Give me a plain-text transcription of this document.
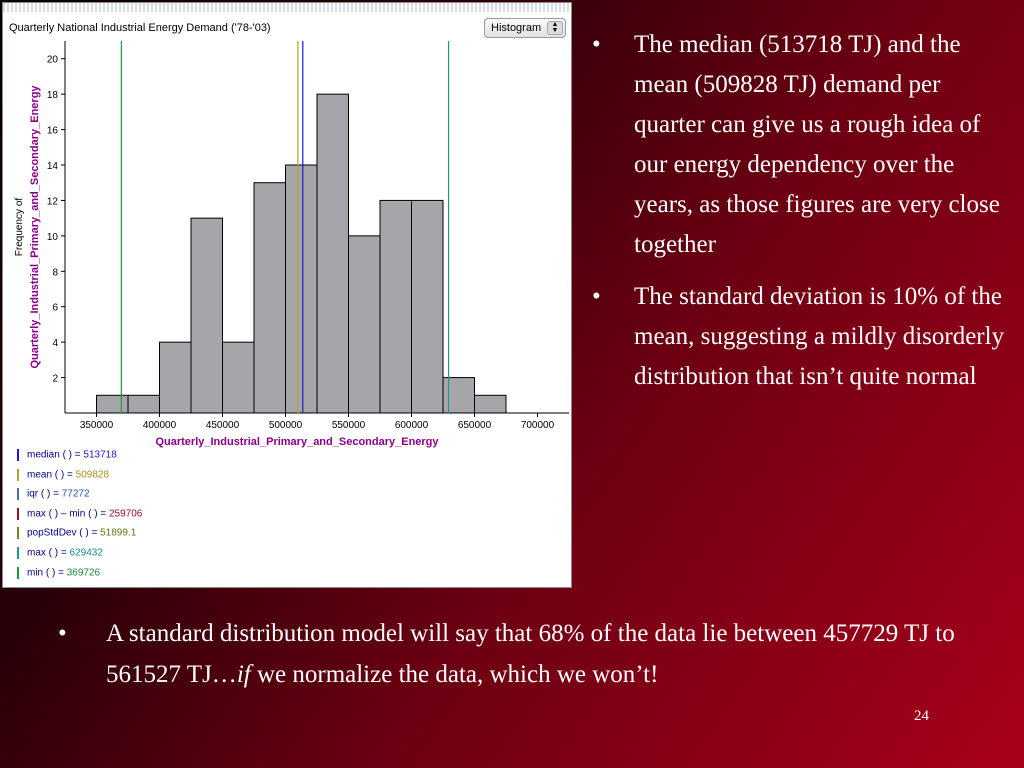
Quarterly National Industrial Energy Demand ('78-'03)	Histogram	▲
▼
2
4
6
8
10
12
14
16
18
20
350000	400000	450000	500000	550000	600000	650000	700000
Quarterly_Industrial_Primary_and_Secondary_Energy
Frequency of Quarterly_Industrial_Primary_and_Secondary_Energy
median ( ) = 513718
mean ( ) = 509828
iqr ( ) = 77272
max ( ) – min ( ) = 259706
popStdDev ( ) = 51899.1
max ( ) = 629432
min ( ) = 369726
• The median (513718 TJ) and the mean (509828 TJ) demand per quarter can give us a rough idea of our energy dependency over the years, as those figures are very close together
• The standard deviation is 10% of the mean, suggesting a mildly disorderly distribution that isn’t quite normal
• A standard distribution model will say that 68% of the data lie between 457729 TJ to 561527 TJ…if we normalize the data, which we won’t!
24
